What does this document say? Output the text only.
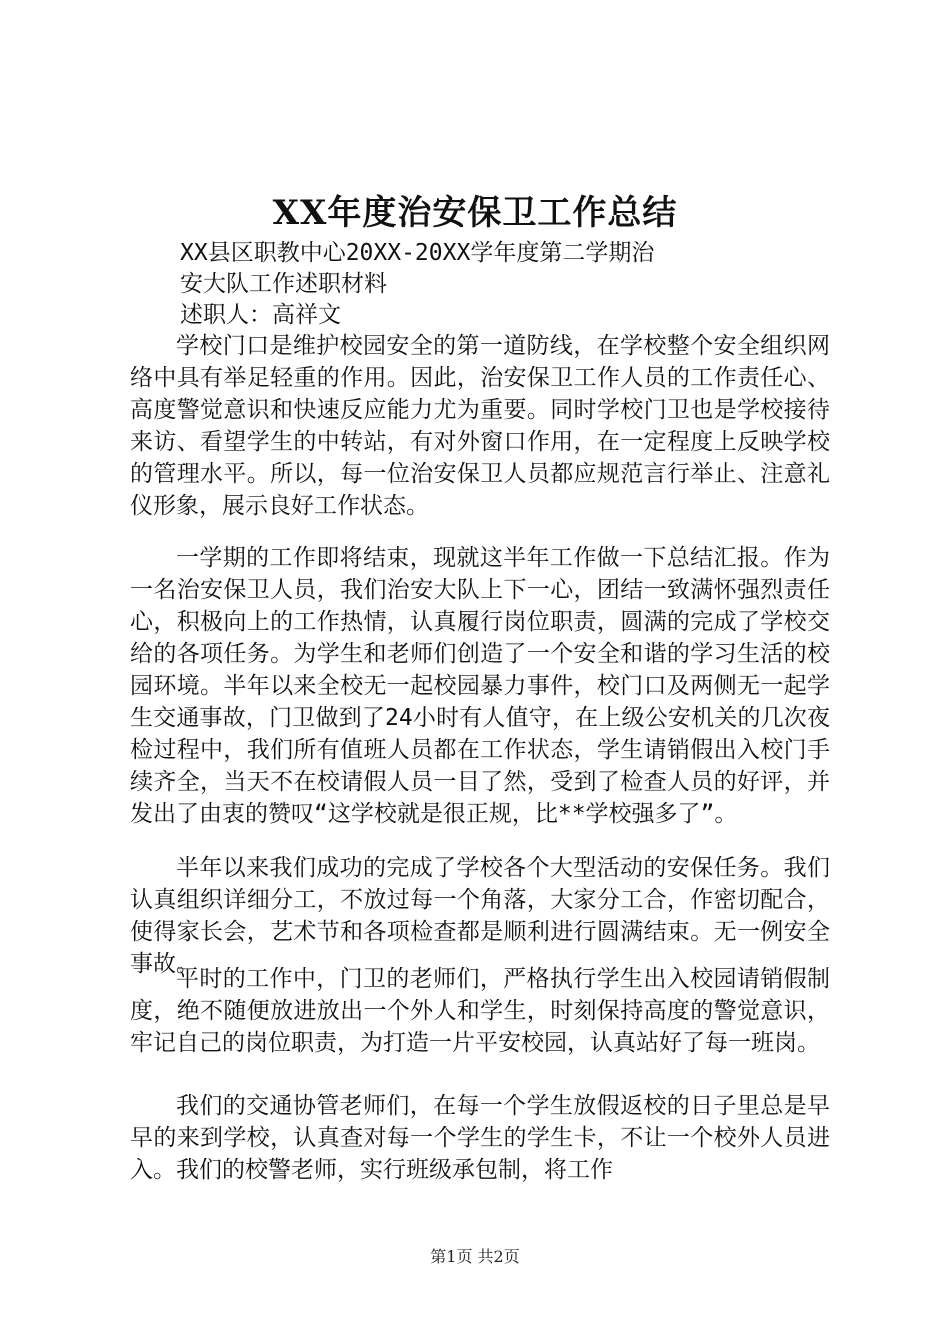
XX年度治安保卫工作总结
XX县区职教中心20XX-20XX学年度第二学期治
安大队工作述职材料
述职人：高祥文

学校门口是维护校园安全的第一道防线，在学校整个安全组织网络中具有举足轻重的作用。因此，治安保卫工作人员的工作责任心、高度警觉意识和快速反应能力尤为重要。同时学校门卫也是学校接待来访、看望学生的中转站，有对外窗口作用，在一定程度上反映学校的管理水平。所以，每一位治安保卫人员都应规范言行举止、注意礼仪形象，展示良好工作状态。

一学期的工作即将结束，现就这半年工作做一下总结汇报。作为一名治安保卫人员，我们治安大队上下一心，团结一致满怀强烈责任心，积极向上的工作热情，认真履行岗位职责，圆满的完成了学校交给的各项任务。为学生和老师们创造了一个安全和谐的学习生活的校园环境。半年以来全校无一起校园暴力事件，校门口及两侧无一起学生交通事故，门卫做到了24小时有人值守，在上级公安机关的几次夜检过程中，我们所有值班人员都在工作状态，学生请销假出入校门手续齐全，当天不在校请假人员一目了然，受到了检查人员的好评，并发出了由衷的赞叹“这学校就是很正规，比**学校强多了”。

半年以来我们成功的完成了学校各个大型活动的安保任务。我们认真组织详细分工，不放过每一个角落，大家分工合，作密切配合，使得家长会，艺术节和各项检查都是顺利进行圆满结束。无一例安全事故。

平时的工作中，门卫的老师们，严格执行学生出入校园请销假制度，绝不随便放进放出一个外人和学生，时刻保持高度的警觉意识，牢记自己的岗位职责，为打造一片平安校园，认真站好了每一班岗。

我们的交通协管老师们，在每一个学生放假返校的日子里总是早早的来到学校，认真查对每一个学生的学生卡，不让一个校外人员进入。我们的校警老师，实行班级承包制，将工作

第1页 共2页
